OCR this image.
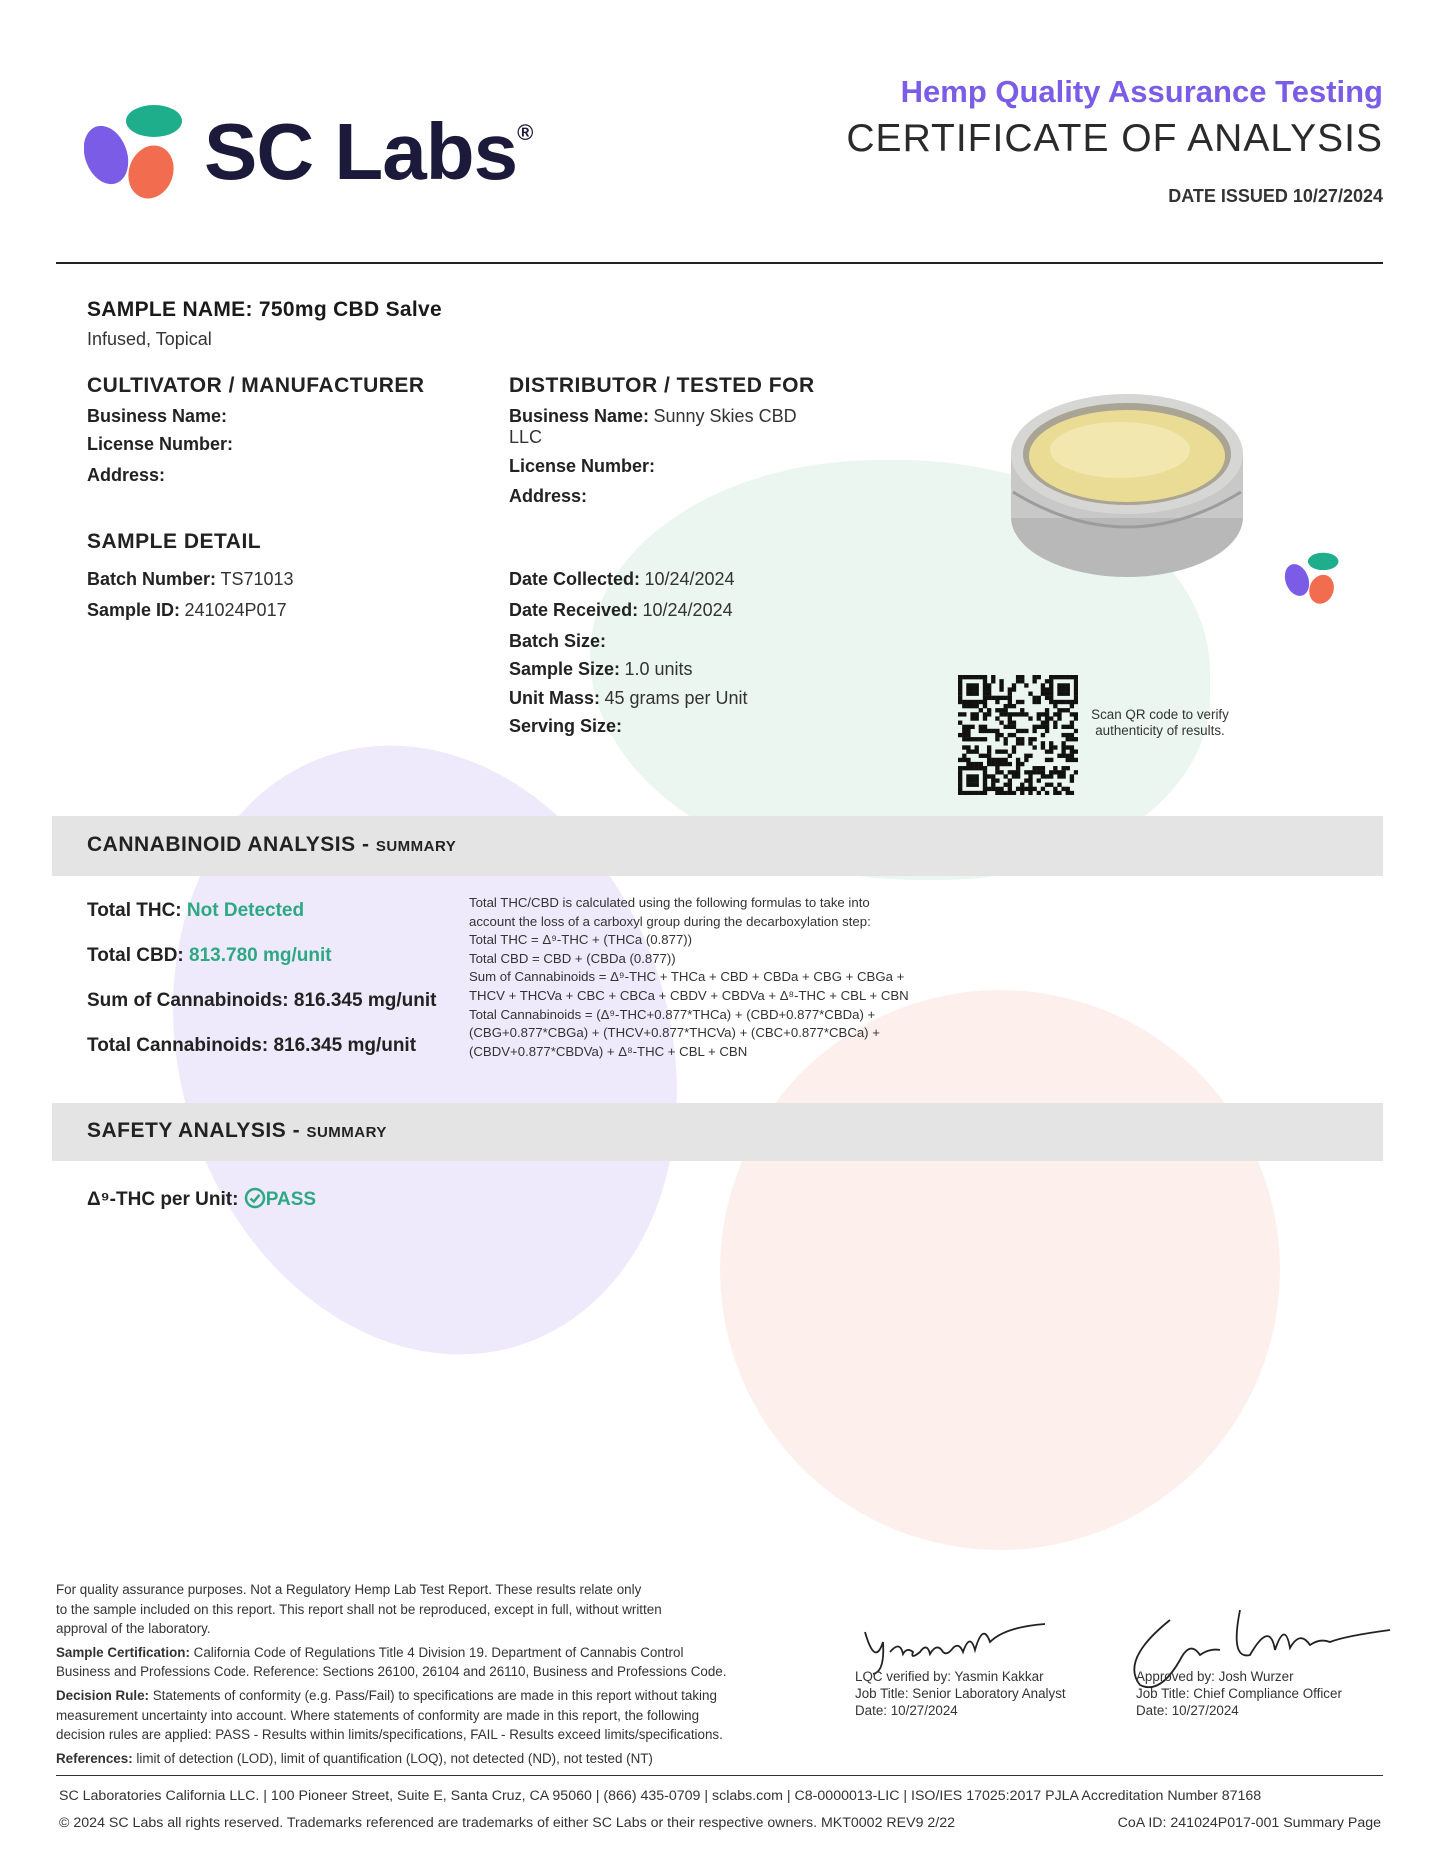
SC Labs®
Hemp Quality Assurance Testing
CERTIFICATE OF ANALYSIS
DATE ISSUED 10/27/2024
SAMPLE NAME: 750mg CBD Salve
Infused, Topical
CULTIVATOR / MANUFACTURER
Business Name:
License Number:
Address:
DISTRIBUTOR / TESTED FOR
Business Name: Sunny Skies CBD
LLC
License Number:
Address:
SAMPLE DETAIL
Batch Number: TS71013
Sample ID: 241024P017
Date Collected: 10/24/2024
Date Received: 10/24/2024
Batch Size:
Sample Size: 1.0 units
Unit Mass: 45 grams per Unit
Serving Size:
Scan QR code to verify
authenticity of results.
CANNABINOID ANALYSIS - SUMMARY
Total THC: Not Detected
Total CBD: 813.780 mg/unit
Sum of Cannabinoids: 816.345 mg/unit
Total Cannabinoids: 816.345 mg/unit
Total THC/CBD is calculated using the following formulas to take into
account the loss of a carboxyl group during the decarboxylation step:
Total THC = Δ⁹-THC + (THCa (0.877))
Total CBD = CBD + (CBDa (0.877))
Sum of Cannabinoids = Δ⁹-THC + THCa + CBD + CBDa + CBG + CBGa +
THCV + THCVa + CBC + CBCa + CBDV + CBDVa + Δ⁸-THC + CBL + CBN
Total Cannabinoids = (Δ⁹-THC+0.877*THCa) + (CBD+0.877*CBDa) +
(CBG+0.877*CBGa) + (THCV+0.877*THCVa) + (CBC+0.877*CBCa) +
(CBDV+0.877*CBDVa) + Δ⁸-THC + CBL + CBN
SAFETY ANALYSIS - SUMMARY
Δ⁹-THC per Unit: PASS
For quality assurance purposes. Not a Regulatory Hemp Lab Test Report. These results relate only
to the sample included on this report. This report shall not be reproduced, except in full, without written
approval of the laboratory.
Sample Certification: California Code of Regulations Title 4 Division 19. Department of Cannabis Control
Business and Professions Code. Reference: Sections 26100, 26104 and 26110, Business and Professions Code.
Decision Rule: Statements of conformity (e.g. Pass/Fail) to specifications are made in this report without taking
measurement uncertainty into account. Where statements of conformity are made in this report, the following
decision rules are applied: PASS - Results within limits/specifications, FAIL - Results exceed limits/specifications.
References: limit of detection (LOD), limit of quantification (LOQ), not detected (ND), not tested (NT)
LQC verified by: Yasmin Kakkar
Job Title: Senior Laboratory Analyst
Date: 10/27/2024
Approved by: Josh Wurzer
Job Title: Chief Compliance Officer
Date: 10/27/2024
SC Laboratories California LLC. | 100 Pioneer Street, Suite E, Santa Cruz, CA 95060 | (866) 435-0709 | sclabs.com | C8-0000013-LIC | ISO/IES 17025:2017 PJLA Accreditation Number 87168
© 2024 SC Labs all rights reserved. Trademarks referenced are trademarks of either SC Labs or their respective owners. MKT0002 REV9 2/22	CoA ID: 241024P017-001 Summary Page
